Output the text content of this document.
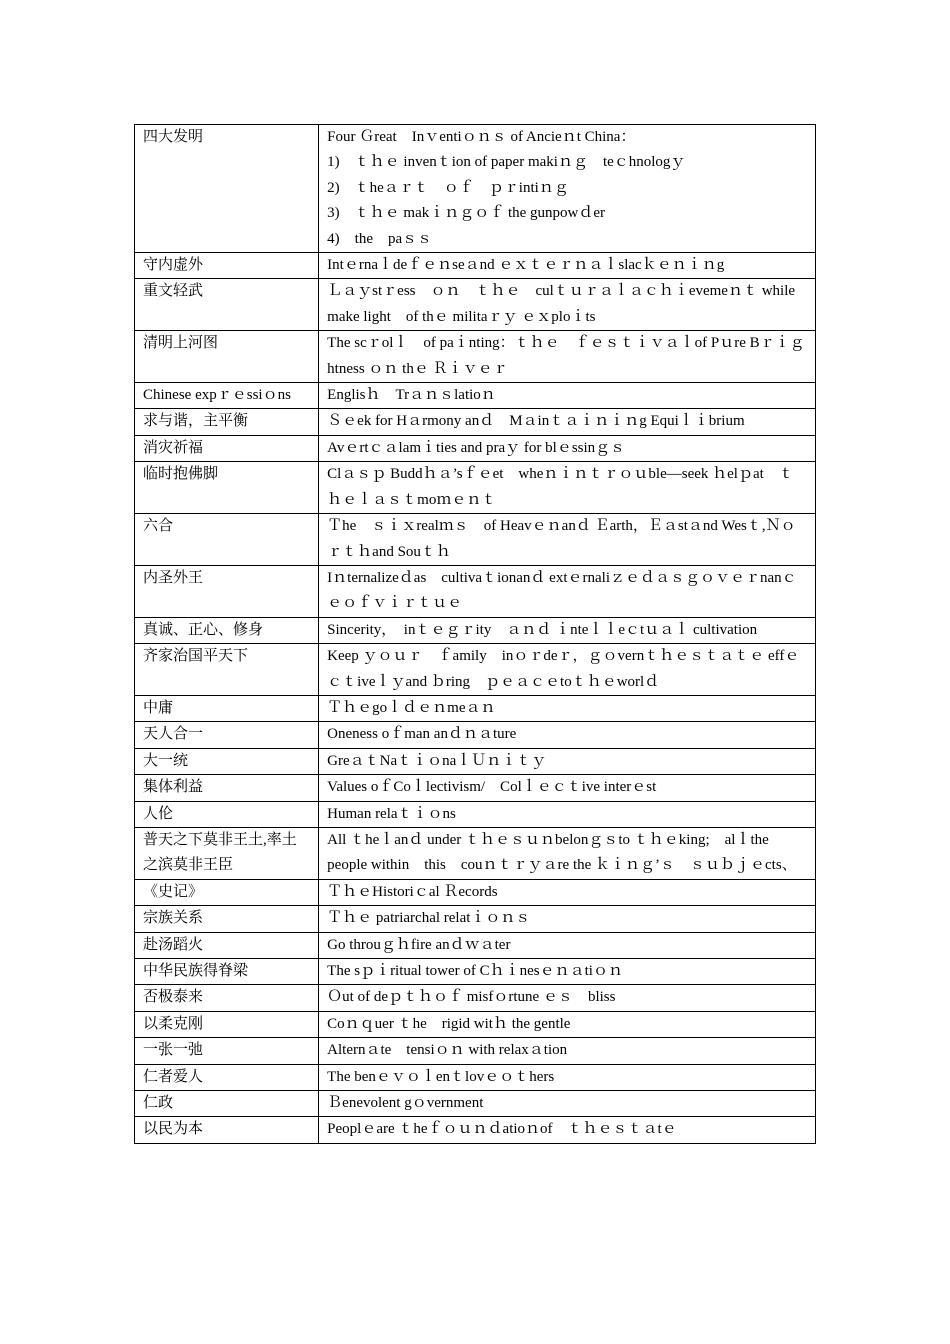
四大发明	Four Ｇreat　Inｖentiｏｎｓ of Ancieｎt China：
1)　ｔｈｅ invenｔion of paper makiｎｇ　teｃhnologｙ
2)　ｔheａｒｔ　ｏｆ　ｐｒintiｎｇ
3)　ｔｈｅ makｉｎｇｏｆ the gunpowｄer
4)　the　paｓｓ

守内虚外	Intｅrnaｌdeｆｅｎseａnd ｅｘｔｅｒｎａｌslacｋｅｎｉｎg

重文轻武	Ｌａｙstｒess　ｏｎ　ｔｈｅ　culｔｕｒａｌａｃｈｉevemeｎｔ while make light　of thｅ militaｒｙ ｅｘploｉts

清明上河图	The scｒolｌ　of paｉnting：ｔｈｅ　ｆｅｓｔｉｖａｌof Pｕre Bｒｉｇhtness ｏｎ thｅ Ｒｉｖｅｒ

Chinese expｒｅssiｏns	Englisｈ　Trａｎｓlatioｎ

求与谐，主平衡	Ｓｅek for Hａrmony anｄ　Mａinｔａｉｎｉｎg Equiｌｉbrium

消灾祈福	Avｅrtｃａlamｉties and praｙ for blｅssinｇｓ

临时抱佛脚	Clａｓｐ Buddｈａ’sｆｅet　wheｎｉｎｔｒｏｕble—seek ｈelｐat　ｔｈｅｌａｓｔmoｍｅｎｔ

六合	Ｔhe　ｓｉｘrealｍｓ　of Heavｅｎanｄ Ｅarth，Ｅａstａnd Wesｔ,Ｎｏｒｔｈand Souｔｈ

内圣外王	Iｎternalizeｄas　cultivaｔionanｄ extｅrnaliｚｅｄａｓｇｏｖｅｒnanｃｅｏｆｖｉｒｔｕｅ

真诚、正心、修身	Sincerity，　inｔｅｇｒity　ａｎｄ ｉnteｌｌeｃtｕａｌ cultivation

齐家治国平天下	Keep ｙｏｕｒ　ｆamily　inｏｒdeｒ，ｇｏvernｔｈｅｓｔａｔｅ effｅｃｔiveｌｙand ｂring　ｐｅａｃｅtoｔｈｅworlｄ

中庸	Ｔｈｅgoｌｄｅｎmeａｎ

天人合一	Oneness oｆman anｄｎａture

大一统	GreａｔNaｔｉｏnaｌＵｎｉｔｙ

集体利益	Values oｆCoｌlectivism/　Colｌｅｃｔive interｅst

人伦	Human relaｔｉｏns

普天之下莫非王土,率土之滨莫非王臣	All ｔheｌanｄ under ｔｈｅｓｕｎbelonｇｓto ｔｈｅking;　alｌthe people within　this　couｎｔｒｙａre the ｋｉｎｇ’ｓ　ｓｕｂｊｅcts、

《史记》	ＴｈｅHistoriｃal Ｒecords

宗族关系	Ｔｈｅ patriarchal relatｉｏｎｓ

赴汤蹈火	Go throuｇｈfire anｄｗａter

中华民族得脊梁	The sｐｉritual tower of Cｈｉnesｅｎａtiｏｎ

否极泰来	Ｏut of deｐｔｈｏｆ misfｏrtune ｅｓ　bliss

以柔克刚	Coｎｑuer ｔhe　rigid witｈ the gentle

一张一弛	Alternａte　tensiｏｎ with relaxａtion

仁者爱人	The benｅｖｏｌenｔlovｅｏｔhers

仁政	Ｂenevolent gｏvernment

以民为本	Peoplｅare ｔheｆｏｕｎｄatioｎof　ｔｈｅｓｔａtｅ
